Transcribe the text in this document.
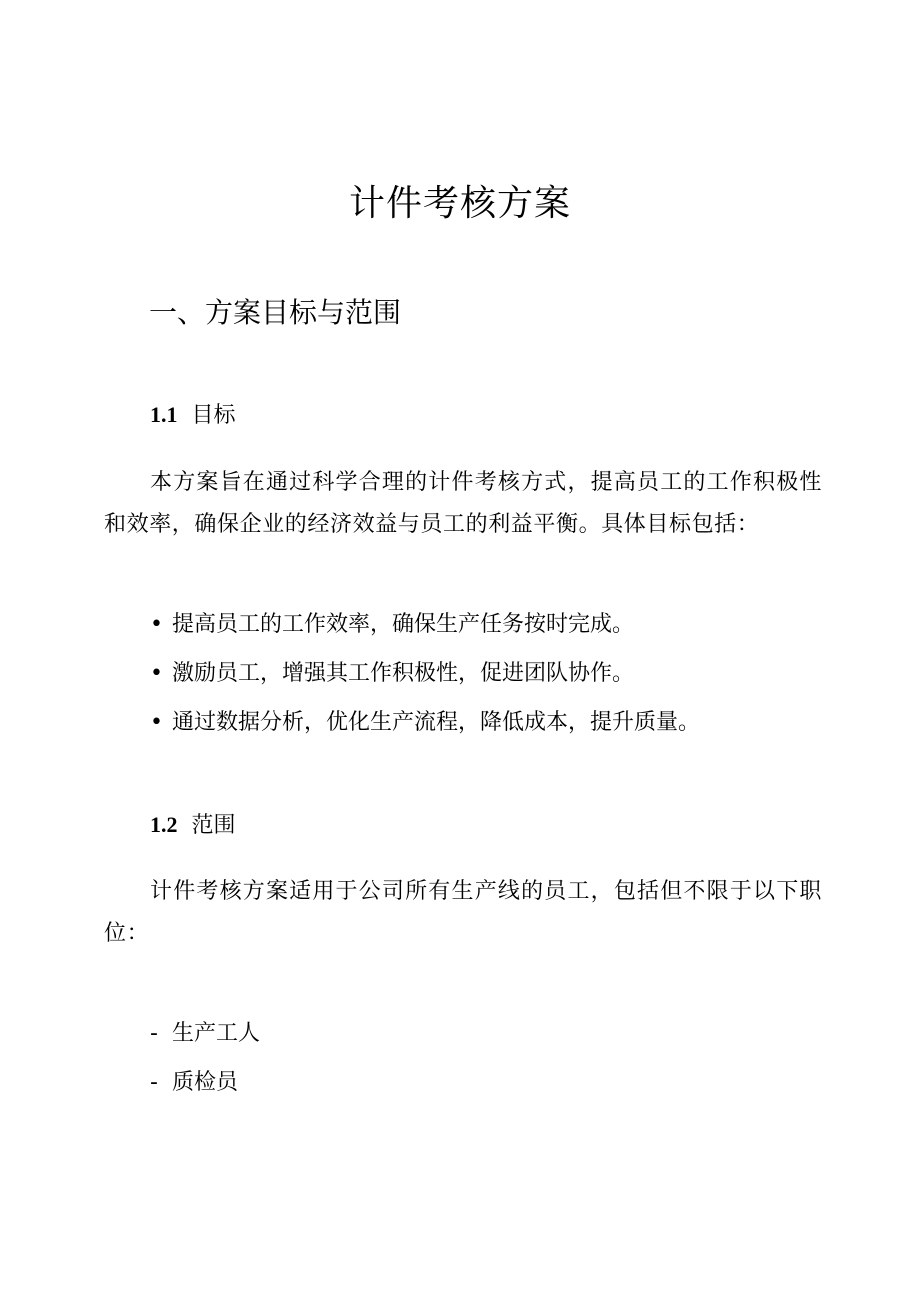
计件考核方案
一、方案目标与范围
1.1 目标

本方案旨在通过科学合理的计件考核方式，提高员工的工作积极性和效率，确保企业的经济效益与员工的利益平衡。具体目标包括：

• 提高员工的工作效率，确保生产任务按时完成。
• 激励员工，增强其工作积极性，促进团队协作。
• 通过数据分析，优化生产流程，降低成本，提升质量。
1.2 范围

计件考核方案适用于公司所有生产线的员工，包括但不限于以下职位：

- 生产工人
- 质检员
